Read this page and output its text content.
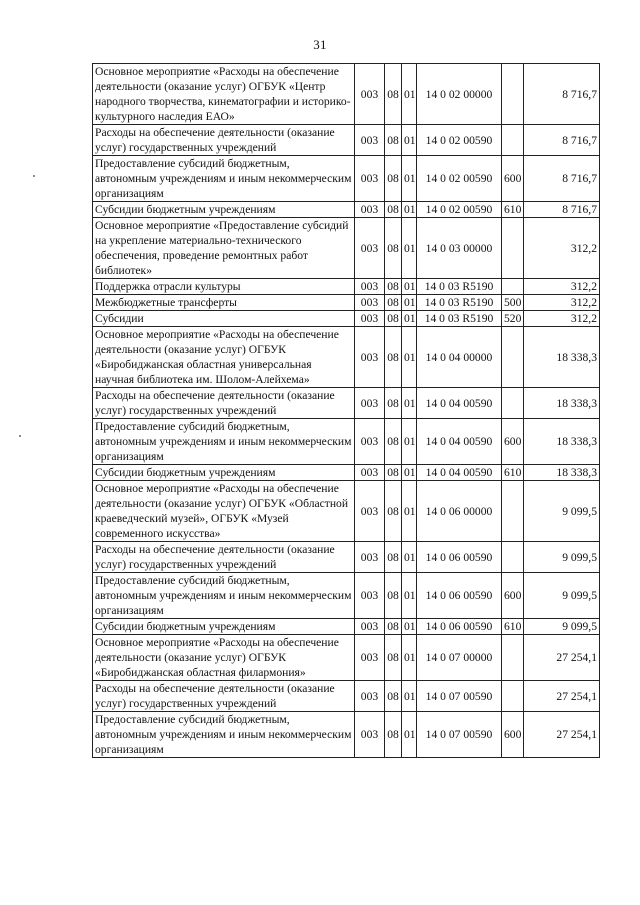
31
Основное мероприятие «Расходы на обеспечение деятельности (оказание услуг) ОГБУК «Центр народного творчества, кинематографии и историко-культурного наследия ЕАО»	003	08	01	14 0 02 00000		8 716,7
Расходы на обеспечение деятельности (оказание услуг) государственных учреждений	003	08	01	14 0 02 00590		8 716,7
Предоставление субсидий бюджетным, автономным учреждениям и иным некоммерческим организациям	003	08	01	14 0 02 00590	600	8 716,7
Субсидии бюджетным учреждениям	003	08	01	14 0 02 00590	610	8 716,7
Основное мероприятие «Предоставление субсидий на укрепление материально-технического обеспечения, проведение ремонтных работ библиотек»	003	08	01	14 0 03 00000		312,2
Поддержка отрасли культуры	003	08	01	14 0 03 R5190		312,2
Межбюджетные трансферты	003	08	01	14 0 03 R5190	500	312,2
Субсидии	003	08	01	14 0 03 R5190	520	312,2
Основное мероприятие «Расходы на обеспечение деятельности (оказание услуг) ОГБУК «Биробиджанская областная универсальная научная библиотека им. Шолом-Алейхема»	003	08	01	14 0 04 00000		18 338,3
Расходы на обеспечение деятельности (оказание услуг) государственных учреждений	003	08	01	14 0 04 00590		18 338,3
Предоставление субсидий бюджетным, автономным учреждениям и иным некоммерческим организациям	003	08	01	14 0 04 00590	600	18 338,3
Субсидии бюджетным учреждениям	003	08	01	14 0 04 00590	610	18 338,3
Основное мероприятие «Расходы на обеспечение деятельности (оказание услуг) ОГБУК «Областной краеведческий музей», ОГБУК «Музей современного искусства»	003	08	01	14 0 06 00000		9 099,5
Расходы на обеспечение деятельности (оказание услуг) государственных учреждений	003	08	01	14 0 06 00590		9 099,5
Предоставление субсидий бюджетным, автономным учреждениям и иным некоммерческим организациям	003	08	01	14 0 06 00590	600	9 099,5
Субсидии бюджетным учреждениям	003	08	01	14 0 06 00590	610	9 099,5
Основное мероприятие «Расходы на обеспечение деятельности (оказание услуг) ОГБУК «Биробиджанская областная филармония»	003	08	01	14 0 07 00000		27 254,1
Расходы на обеспечение деятельности (оказание услуг) государственных учреждений	003	08	01	14 0 07 00590		27 254,1
Предоставление субсидий бюджетным, автономным учреждениям и иным некоммерческим организациям	003	08	01	14 0 07 00590	600	27 254,1
